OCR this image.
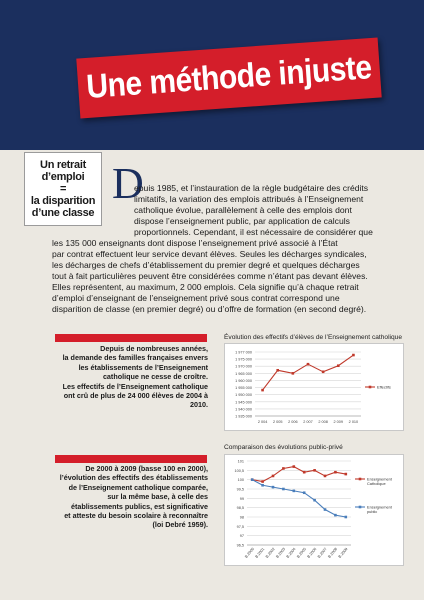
Une méthode injuste
Un retrait
d’emploi
=
la disparition
d’une classe
D
epuis 1985, et l’instauration de la règle budgétaire des crédits
limitatifs, la variation des emplois attribués à l’Enseignement
catholique évolue, parallèlement à celle des emplois dont
dispose l’enseignement public, par application de calculs
proportionnels. Cependant, il est nécessaire de considérer que
les 135 000 enseignants dont dispose l’enseignement privé associé à l’État
par contrat effectuent leur service devant élèves. Seules les décharges syndicales,
les décharges de chefs d’établissement du premier degré et quelques décharges
tout à fait particulières peuvent être considérées comme n’étant pas devant élèves.
Elles représentent, au maximum, 2 000 emplois. Cela signifie qu’à chaque retrait
d’emploi d’enseignant de l’enseignement privé sous contrat correspond une
disparition de classe (en premier degré) ou d’offre de formation (en second degré).
Depuis de nombreuses années,
la demande des familles françaises envers
les établissements de l’Enseignement
catholique ne cesse de croître.
Les effectifs de l’Enseignement catholique
ont crû de plus de 24 000 élèves de 2004 à
2010.
Évolution des effectifs d’élèves de l’Enseignement catholique
1 977 000
1 975 000
1 970 000
1 965 000
1 960 000
1 955 000
1 950 000
1 945 000
1 940 000
1 935 000
2 004 2 005 2 006 2 007 2 008 2 009 2 010
Effectifs
De 2000 à 2009 (basse 100 en 2000),
l’évolution des effectifs des établissements
de l’Enseignement catholique comparée,
sur la même base, à celle des
établissements publics, est significative
et atteste du besoin scolaire à reconnaître
(loi Debré 1959).
Comparaison des évolutions public-privé
101
100,5
100
99,5
99
98,5
98
97,5
97
96,5
B.2000 B.2001 B.2002 B.2003 B.2004 B.2005 B.2006 B.2007 B.2008 B.2009
Enseignement
Catholique
Enseignement
public
